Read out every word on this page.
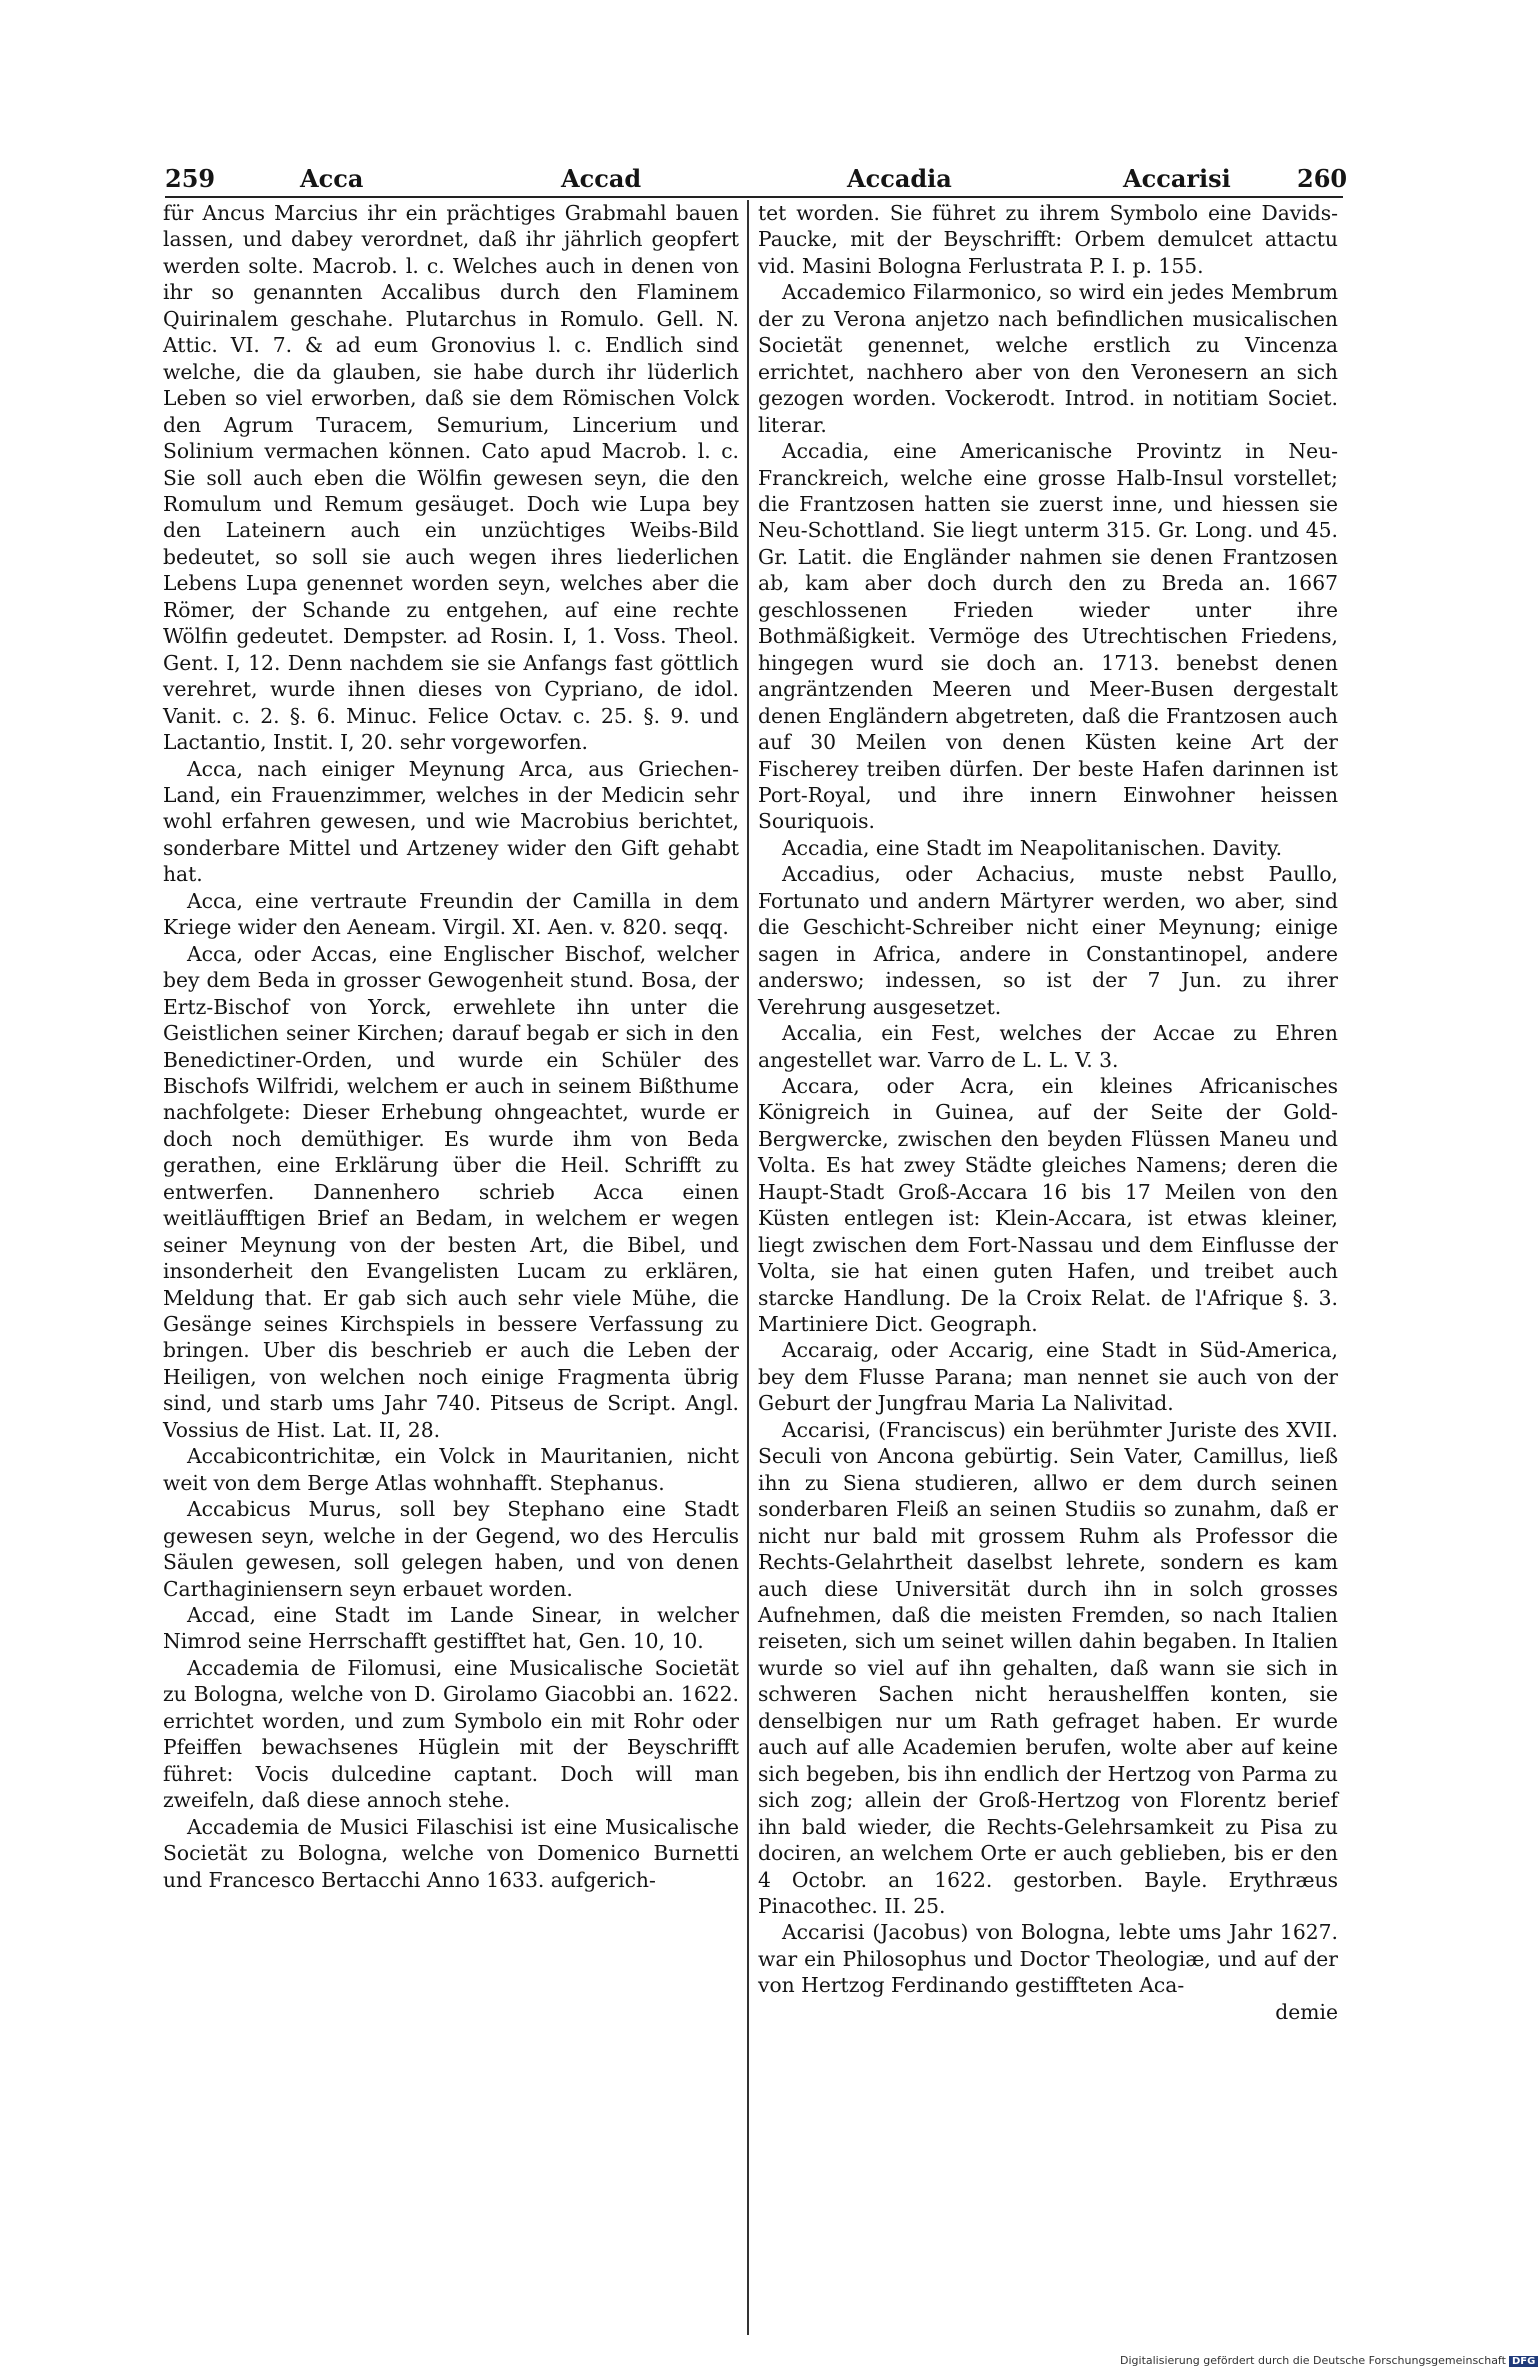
259	Acca	Accad	Accadia	Accarisi	260

für Ancus Marcius ihr ein prächtiges Grabmahl bauen lassen, und dabey verordnet, daß ihr jährlich geopfert werden solte. Macrob. l. c. Welches auch in denen von ihr so genannten Accalibus durch den Flaminem Quirinalem geschahe. Plutarchus in Romulo. Gell. N. Attic. VI. 7. & ad eum Gronovius l. c. Endlich sind welche, die da glauben, sie habe durch ihr lüderlich Leben so viel erworben, daß sie dem Römischen Volck den Agrum Turacem, Semurium, Lincerium und Solinium vermachen können. Cato apud Macrob. l. c. Sie soll auch eben die Wölfin gewesen seyn, die den Romulum und Remum gesäuget. Doch wie Lupa bey den Lateinern auch ein unzüchtiges Weibs-Bild bedeutet, so soll sie auch wegen ihres liederlichen Lebens Lupa genennet worden seyn, welches aber die Römer, der Schande zu entgehen, auf eine rechte Wölfin gedeutet. Dempster. ad Rosin. I, 1. Voss. Theol. Gent. I, 12. Denn nachdem sie sie Anfangs fast göttlich verehret, wurde ihnen dieses von Cypriano, de idol. Vanit. c. 2. §. 6. Minuc. Felice Octav. c. 25. §. 9. und Lactantio, Instit. I, 20. sehr vorgeworfen.

Acca, nach einiger Meynung Arca, aus Griechen-Land, ein Frauenzimmer, welches in der Medicin sehr wohl erfahren gewesen, und wie Macrobius berichtet, sonderbare Mittel und Artzeney wider den Gift gehabt hat.

Acca, eine vertraute Freundin der Camilla in dem Kriege wider den Aeneam. Virgil. XI. Aen. v. 820. seqq.

Acca, oder Accas, eine Englischer Bischof, welcher bey dem Beda in grosser Gewogenheit stund. Bosa, der Ertz-Bischof von Yorck, erwehlete ihn unter die Geistlichen seiner Kirchen; darauf begab er sich in den Benedictiner-Orden, und wurde ein Schüler des Bischofs Wilfridi, welchem er auch in seinem Bißthume nachfolgete: Dieser Erhebung ohngeachtet, wurde er doch noch demüthiger. Es wurde ihm von Beda gerathen, eine Erklärung über die Heil. Schrifft zu entwerfen. Dannenhero schrieb Acca einen weitläufftigen Brief an Bedam, in welchem er wegen seiner Meynung von der besten Art, die Bibel, und insonderheit den Evangelisten Lucam zu erklären, Meldung that. Er gab sich auch sehr viele Mühe, die Gesänge seines Kirchspiels in bessere Verfassung zu bringen. Uber dis beschrieb er auch die Leben der Heiligen, von welchen noch einige Fragmenta übrig sind, und starb ums Jahr 740. Pitseus de Script. Angl. Vossius de Hist. Lat. II, 28.

Accabicontrichitæ, ein Volck in Mauritanien, nicht weit von dem Berge Atlas wohnhafft. Stephanus.

Accabicus Murus, soll bey Stephano eine Stadt gewesen seyn, welche in der Gegend, wo des Herculis Säulen gewesen, soll gelegen haben, und von denen Carthaginiensern seyn erbauet worden.

Accad, eine Stadt im Lande Sinear, in welcher Nimrod seine Herrschafft gestifftet hat, Gen. 10, 10.

Accademia de Filomusi, eine Musicalische Societät zu Bologna, welche von D. Girolamo Giacobbi an. 1622. errichtet worden, und zum Symbolo ein mit Rohr oder Pfeiffen bewachsenes Hüglein mit der Beyschrifft führet: Vocis dulcedine captant. Doch will man zweifeln, daß diese annoch stehe.

Accademia de Musici Filaschisi ist eine Musicalische Societät zu Bologna, welche von Domenico Burnetti und Francesco Bertacchi Anno 1633. aufgerich-

tet worden. Sie führet zu ihrem Symbolo eine Davids-Paucke, mit der Beyschrifft: Orbem demulcet attactu vid. Masini Bologna Ferlustrata P. I. p. 155.

Accademico Filarmonico, so wird ein jedes Membrum der zu Verona anjetzo nach befindlichen musicalischen Societät genennet, welche erstlich zu Vincenza errichtet, nachhero aber von den Veronesern an sich gezogen worden. Vockerodt. Introd. in notitiam Societ. literar.

Accadia, eine Americanische Provintz in Neu-Franckreich, welche eine grosse Halb-Insul vorstellet; die Frantzosen hatten sie zuerst inne, und hiessen sie Neu-Schottland. Sie liegt unterm 315. Gr. Long. und 45. Gr. Latit. die Engländer nahmen sie denen Frantzosen ab, kam aber doch durch den zu Breda an. 1667 geschlossenen Frieden wieder unter ihre Bothmäßigkeit. Vermöge des Utrechtischen Friedens, hingegen wurd sie doch an. 1713. benebst denen angräntzenden Meeren und Meer-Busen dergestalt denen Engländern abgetreten, daß die Frantzosen auch auf 30 Meilen von denen Küsten keine Art der Fischerey treiben dürfen. Der beste Hafen darinnen ist Port-Royal, und ihre innern Einwohner heissen Souriquois.

Accadia, eine Stadt im Neapolitanischen. Davity.

Accadius, oder Achacius, muste nebst Paullo, Fortunato und andern Märtyrer werden, wo aber, sind die Geschicht-Schreiber nicht einer Meynung; einige sagen in Africa, andere in Constantinopel, andere anderswo; indessen, so ist der 7 Jun. zu ihrer Verehrung ausgesetzet.

Accalia, ein Fest, welches der Accae zu Ehren angestellet war. Varro de L. L. V. 3.

Accara, oder Acra, ein kleines Africanisches Königreich in Guinea, auf der Seite der Gold-Bergwercke, zwischen den beyden Flüssen Maneu und Volta. Es hat zwey Städte gleiches Namens; deren die Haupt-Stadt Groß-Accara 16 bis 17 Meilen von den Küsten entlegen ist: Klein-Accara, ist etwas kleiner, liegt zwischen dem Fort-Nassau und dem Einflusse der Volta, sie hat einen guten Hafen, und treibet auch starcke Handlung. De la Croix Relat. de l'Afrique §. 3. Martiniere Dict. Geograph.

Accaraig, oder Accarig, eine Stadt in Süd-America, bey dem Flusse Parana; man nennet sie auch von der Geburt der Jungfrau Maria La Nalivitad.

Accarisi, (Franciscus) ein berühmter Juriste des XVII. Seculi von Ancona gebürtig. Sein Vater, Camillus, ließ ihn zu Siena studieren, allwo er dem durch seinen sonderbaren Fleiß an seinen Studiis so zunahm, daß er nicht nur bald mit grossem Ruhm als Professor die Rechts-Gelahrtheit daselbst lehrete, sondern es kam auch diese Universität durch ihn in solch grosses Aufnehmen, daß die meisten Fremden, so nach Italien reiseten, sich um seinet willen dahin begaben. In Italien wurde so viel auf ihn gehalten, daß wann sie sich in schweren Sachen nicht heraushelffen konten, sie denselbigen nur um Rath gefraget haben. Er wurde auch auf alle Academien berufen, wolte aber auf keine sich begeben, bis ihn endlich der Hertzog von Parma zu sich zog; allein der Groß-Hertzog von Florentz berief ihn bald wieder, die Rechts-Gelehrsamkeit zu Pisa zu dociren, an welchem Orte er auch geblieben, bis er den 4 Octobr. an 1622. gestorben. Bayle. Erythræus Pinacothec. II. 25.

Accarisi (Jacobus) von Bologna, lebte ums Jahr 1627. war ein Philosophus und Doctor Theologiæ, und auf der von Hertzog Ferdinando gestiffteten Aca-

demie

Digitalisierung gefördert durch die Deutsche Forschungsgemeinschaft DFG
